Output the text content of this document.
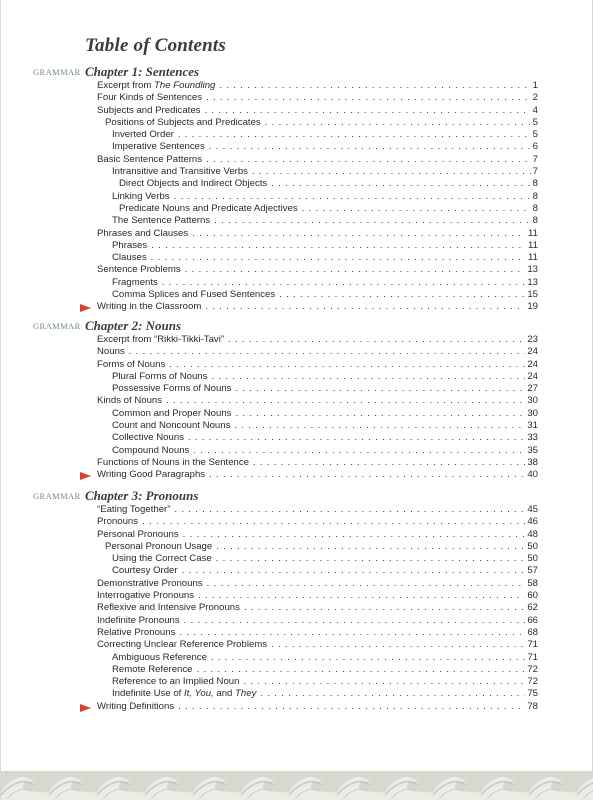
Table of Contents
GRAMMAR Chapter 1: Sentences
Excerpt from The Foundling . . .	1
Four Kinds of Sentences . . .	2
Subjects and Predicates . . .	4
Positions of Subjects and Predicates . . .	5
Inverted Order . . .	5
Imperative Sentences . . .	6
Basic Sentence Patterns . . .	7
Intransitive and Transitive Verbs . . .	7
Direct Objects and Indirect Objects . . .	8
Linking Verbs . . .	8
Predicate Nouns and Predicate Adjectives . . .	8
The Sentence Patterns . . .	8
Phrases and Clauses . . .	11
Phrases . . .	11
Clauses . . .	11
Sentence Problems . . .	13
Fragments . . .	13
Comma Splices and Fused Sentences . . .	15
Writing in the Classroom . . .	19
GRAMMAR Chapter 2: Nouns
Excerpt from “Rikki-Tikki-Tavi” . . .	23
Nouns . . .	24
Forms of Nouns . . .	24
Plural Forms of Nouns . . .	24
Possessive Forms of Nouns . . .	27
Kinds of Nouns . . .	30
Common and Proper Nouns . . .	30
Count and Noncount Nouns . . .	31
Collective Nouns . . .	33
Compound Nouns . . .	35
Functions of Nouns in the Sentence . . .	38
Writing Good Paragraphs . . .	40
GRAMMAR Chapter 3: Pronouns
“Eating Together” . . .	45
Pronouns . . .	46
Personal Pronouns . . .	48
Personal Pronoun Usage . . .	50
Using the Correct Case . . .	50
Courtesy Order . . .	57
Demonstrative Pronouns . . .	58
Interrogative Pronouns . . .	60
Reflexive and Intensive Pronouns . . .	62
Indefinite Pronouns . . .	66
Relative Pronouns . . .	68
Correcting Unclear Reference Problems . . .	71
Ambiguous Reference . . .	71
Remote Reference . . .	72
Reference to an Implied Noun . . .	72
Indefinite Use of It, You, and They . . .	75
Writing Definitions . . .	78
